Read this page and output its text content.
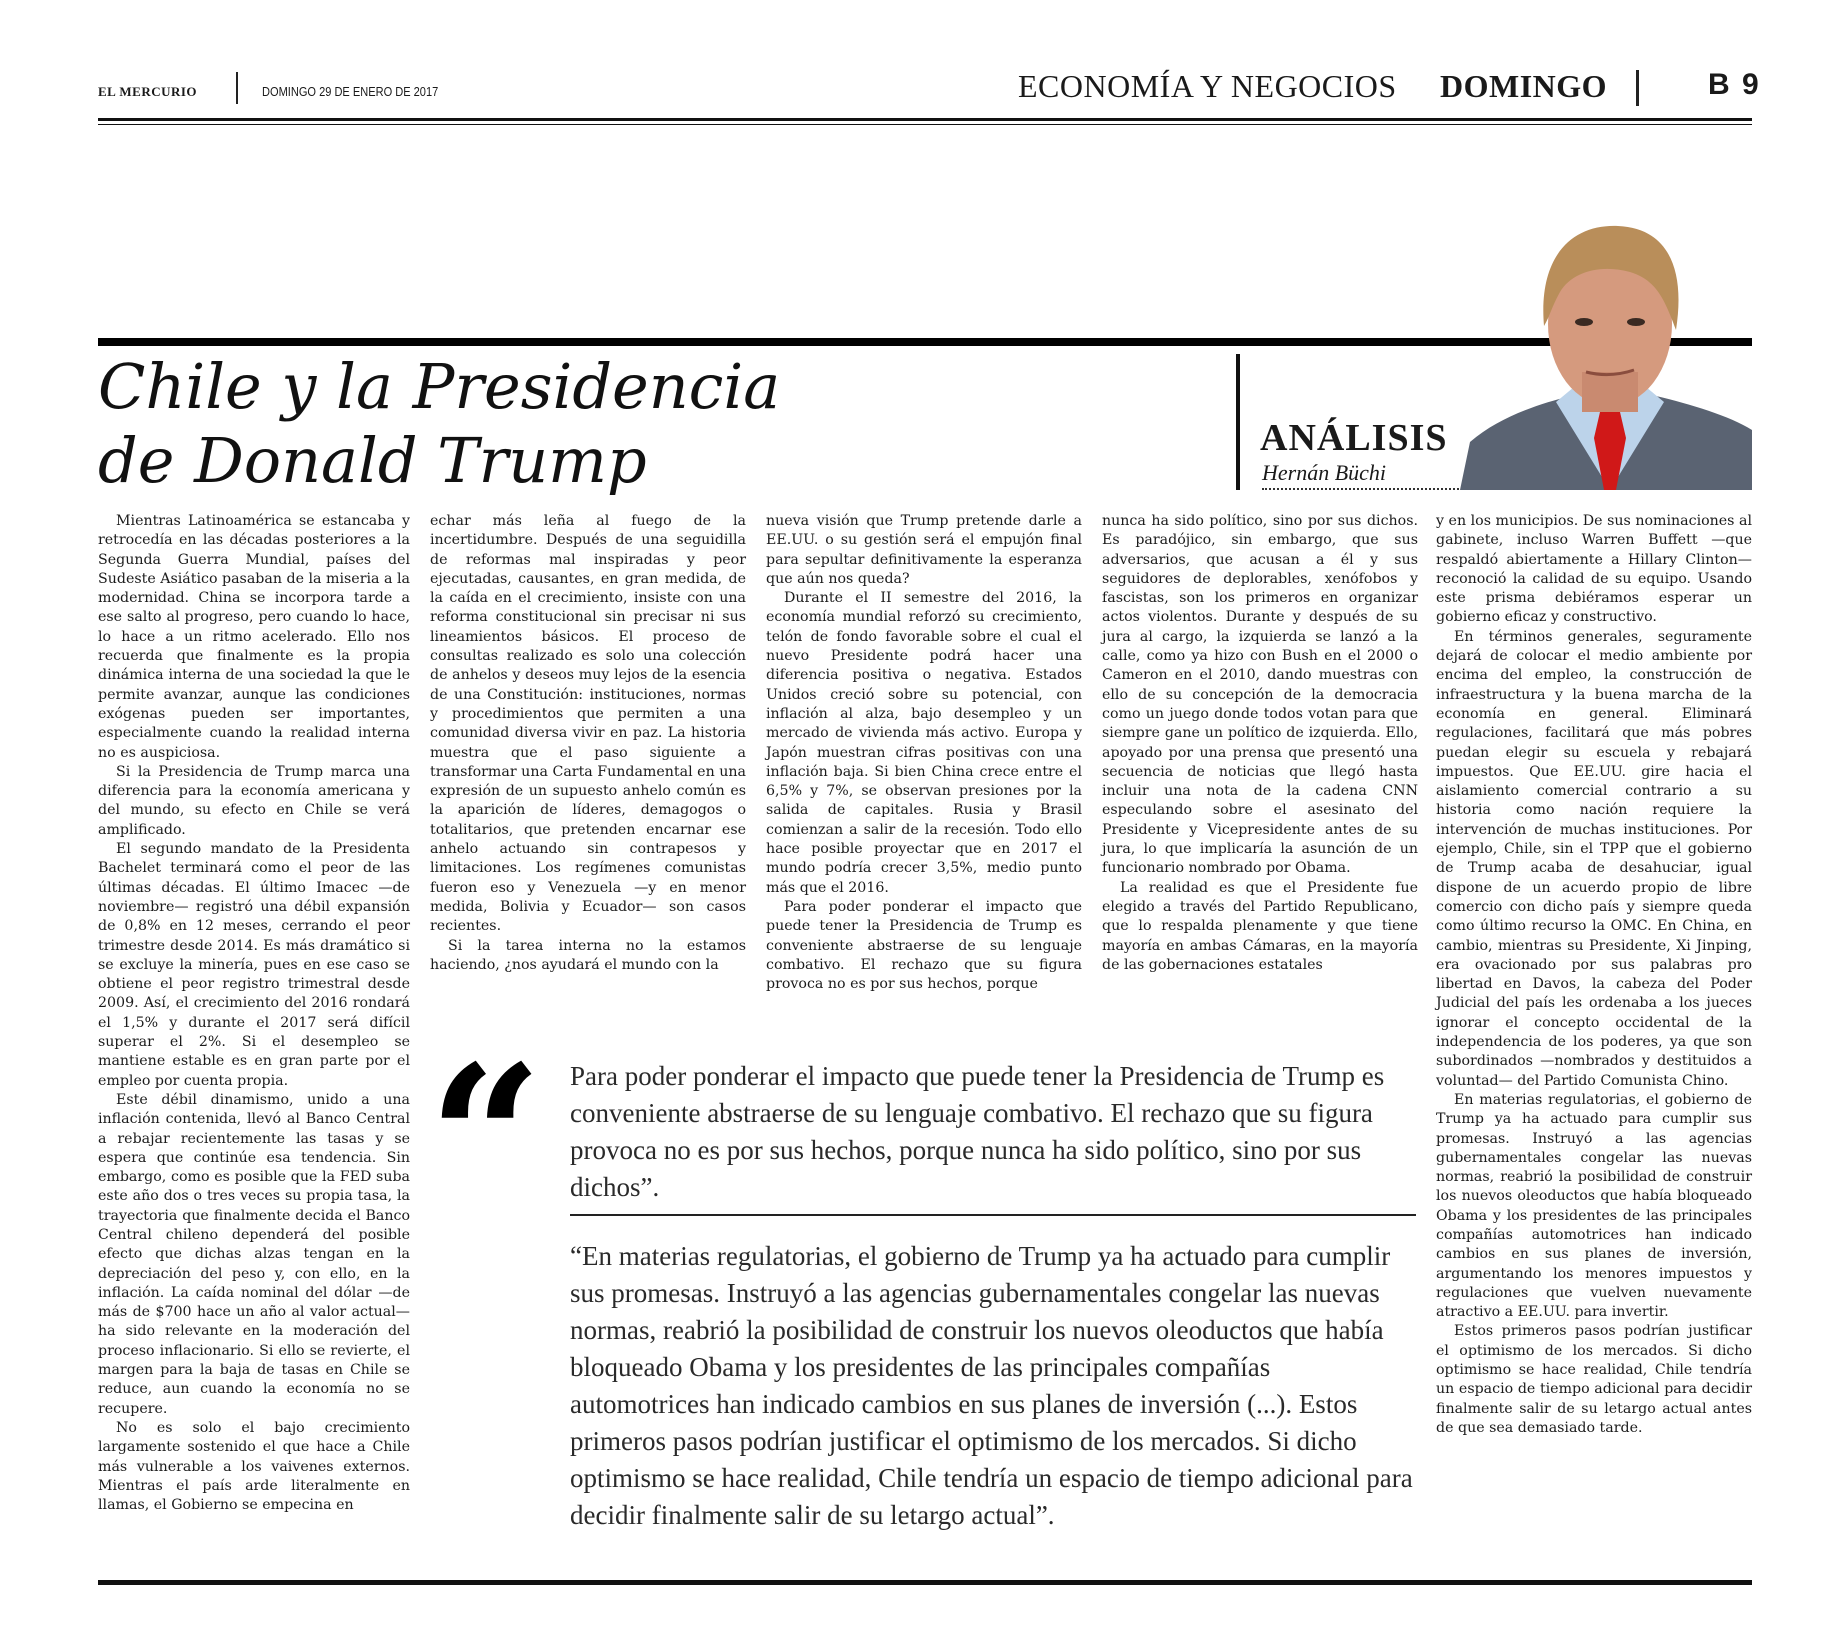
EL MERCURIO	DOMINGO 29 DE ENERO DE 2017	ECONOMÍA Y NEGOCIOS DOMINGO	B 9
Chile y la Presidencia de Donald Trump	ANÁLISIS
Hernán Büchi

Mientras Latinoamérica se estancaba y retrocedía en las décadas posteriores a la Segunda Guerra Mundial, países del Sudeste Asiático pasaban de la miseria a la modernidad. China se incorpora tarde a ese salto al progreso, pero cuando lo hace, lo hace a un ritmo acelerado. Ello nos recuerda que finalmente es la propia dinámica interna de una sociedad la que le permite avanzar, aunque las condiciones exógenas pueden ser importantes, especialmente cuando la realidad interna no es auspiciosa.

Si la Presidencia de Trump marca una diferencia para la economía americana y del mundo, su efecto en Chile se verá amplificado.

El segundo mandato de la Presidenta Bachelet terminará como el peor de las últimas décadas. El último Imacec —de noviembre— registró una débil expansión de 0,8% en 12 meses, cerrando el peor trimestre desde 2014. Es más dramático si se excluye la minería, pues en ese caso se obtiene el peor registro trimestral desde 2009. Así, el crecimiento del 2016 rondará el 1,5% y durante el 2017 será difícil superar el 2%. Si el desempleo se mantiene estable es en gran parte por el empleo por cuenta propia.

Este débil dinamismo, unido a una inflación contenida, llevó al Banco Central a rebajar recientemente las tasas y se espera que continúe esa tendencia. Sin embargo, como es posible que la FED suba este año dos o tres veces su propia tasa, la trayectoria que finalmente decida el Banco Central chileno dependerá del posible efecto que dichas alzas tengan en la depreciación del peso y, con ello, en la inflación. La caída nominal del dólar —de más de $700 hace un año al valor actual— ha sido relevante en la moderación del proceso inflacionario. Si ello se revierte, el margen para la baja de tasas en Chile se reduce, aun cuando la economía no se recupere.

No es solo el bajo crecimiento largamente sostenido el que hace a Chile más vulnerable a los vaivenes externos. Mientras el país arde literalmente en llamas, el Gobierno se empecina en

echar más leña al fuego de la incertidumbre. Después de una seguidilla de reformas mal inspiradas y peor ejecutadas, causantes, en gran medida, de la caída en el crecimiento, insiste con una reforma constitucional sin precisar ni sus lineamientos básicos. El proceso de consultas realizado es solo una colección de anhelos y deseos muy lejos de la esencia de una Constitución: instituciones, normas y procedimientos que permiten a una comunidad diversa vivir en paz. La historia muestra que el paso siguiente a transformar una Carta Fundamental en una expresión de un supuesto anhelo común es la aparición de líderes, demagogos o totalitarios, que pretenden encarnar ese anhelo actuando sin contrapesos y limitaciones. Los regímenes comunistas fueron eso y Venezuela —y en menor medida, Bolivia y Ecuador— son casos recientes.

Si la tarea interna no la estamos haciendo, ¿nos ayudará el mundo con la

nueva visión que Trump pretende darle a EE.UU. o su gestión será el empujón final para sepultar definitivamente la esperanza que aún nos queda?

Durante el II semestre del 2016, la economía mundial reforzó su crecimiento, telón de fondo favorable sobre el cual el nuevo Presidente podrá hacer una diferencia positiva o negativa. Estados Unidos creció sobre su potencial, con inflación al alza, bajo desempleo y un mercado de vivienda más activo. Europa y Japón muestran cifras positivas con una inflación baja. Si bien China crece entre el 6,5% y 7%, se observan presiones por la salida de capitales. Rusia y Brasil comienzan a salir de la recesión. Todo ello hace posible proyectar que en 2017 el mundo podría crecer 3,5%, medio punto más que el 2016.

Para poder ponderar el impacto que puede tener la Presidencia de Trump es conveniente abstraerse de su lenguaje combativo. El rechazo que su figura provoca no es por sus hechos, porque

nunca ha sido político, sino por sus dichos. Es paradójico, sin embargo, que sus adversarios, que acusan a él y sus seguidores de deplorables, xenófobos y fascistas, son los primeros en organizar actos violentos. Durante y después de su jura al cargo, la izquierda se lanzó a la calle, como ya hizo con Bush en el 2000 o Cameron en el 2010, dando muestras con ello de su concepción de la democracia como un juego donde todos votan para que siempre gane un político de izquierda. Ello, apoyado por una prensa que presentó una secuencia de noticias que llegó hasta incluir una nota de la cadena CNN especulando sobre el asesinato del Presidente y Vicepresidente antes de su jura, lo que implicaría la asunción de un funcionario nombrado por Obama.

La realidad es que el Presidente fue elegido a través del Partido Republicano, que lo respalda plenamente y que tiene mayoría en ambas Cámaras, en la mayoría de las gobernaciones estatales

y en los municipios. De sus nominaciones al gabinete, incluso Warren Buffett —que respaldó abiertamente a Hillary Clinton— reconoció la calidad de su equipo. Usando este prisma debiéramos esperar un gobierno eficaz y constructivo.

En términos generales, seguramente dejará de colocar el medio ambiente por encima del empleo, la construcción de infraestructura y la buena marcha de la economía en general. Eliminará regulaciones, facilitará que más pobres puedan elegir su escuela y rebajará impuestos. Que EE.UU. gire hacia el aislamiento comercial contrario a su historia como nación requiere la intervención de muchas instituciones. Por ejemplo, Chile, sin el TPP que el gobierno de Trump acaba de desahuciar, igual dispone de un acuerdo propio de libre comercio con dicho país y siempre queda como último recurso la OMC. En China, en cambio, mientras su Presidente, Xi Jinping, era ovacionado por sus palabras pro libertad en Davos, la cabeza del Poder Judicial del país les ordenaba a los jueces ignorar el concepto occidental de la independencia de los poderes, ya que son subordinados —nombrados y destituidos a voluntad— del Partido Comunista Chino.

En materias regulatorias, el gobierno de Trump ya ha actuado para cumplir sus promesas. Instruyó a las agencias gubernamentales congelar las nuevas normas, reabrió la posibilidad de construir los nuevos oleoductos que había bloqueado Obama y los presidentes de las principales compañías automotrices han indicado cambios en sus planes de inversión, argumentando los menores impuestos y regulaciones que vuelven nuevamente atractivo a EE.UU. para invertir.

Estos primeros pasos podrían justificar el optimismo de los mercados. Si dicho optimismo se hace realidad, Chile tendría un espacio de tiempo adicional para decidir finalmente salir de su letargo actual antes de que sea demasiado tarde.

“ Para poder ponderar el impacto que puede tener la Presidencia de Trump es conveniente abstraerse de su lenguaje combativo. El rechazo que su figura provoca no es por sus hechos, porque nunca ha sido político, sino por sus dichos”.
“En materias regulatorias, el gobierno de Trump ya ha actuado para cumplir sus promesas. Instruyó a las agencias gubernamentales congelar las nuevas normas, reabrió la posibilidad de construir los nuevos oleoductos que había bloqueado Obama y los presidentes de las principales compañías automotrices han indicado cambios en sus planes de inversión (...). Estos primeros pasos podrían justificar el optimismo de los mercados. Si dicho optimismo se hace realidad, Chile tendría un espacio de tiempo adicional para decidir finalmente salir de su letargo actual”.
